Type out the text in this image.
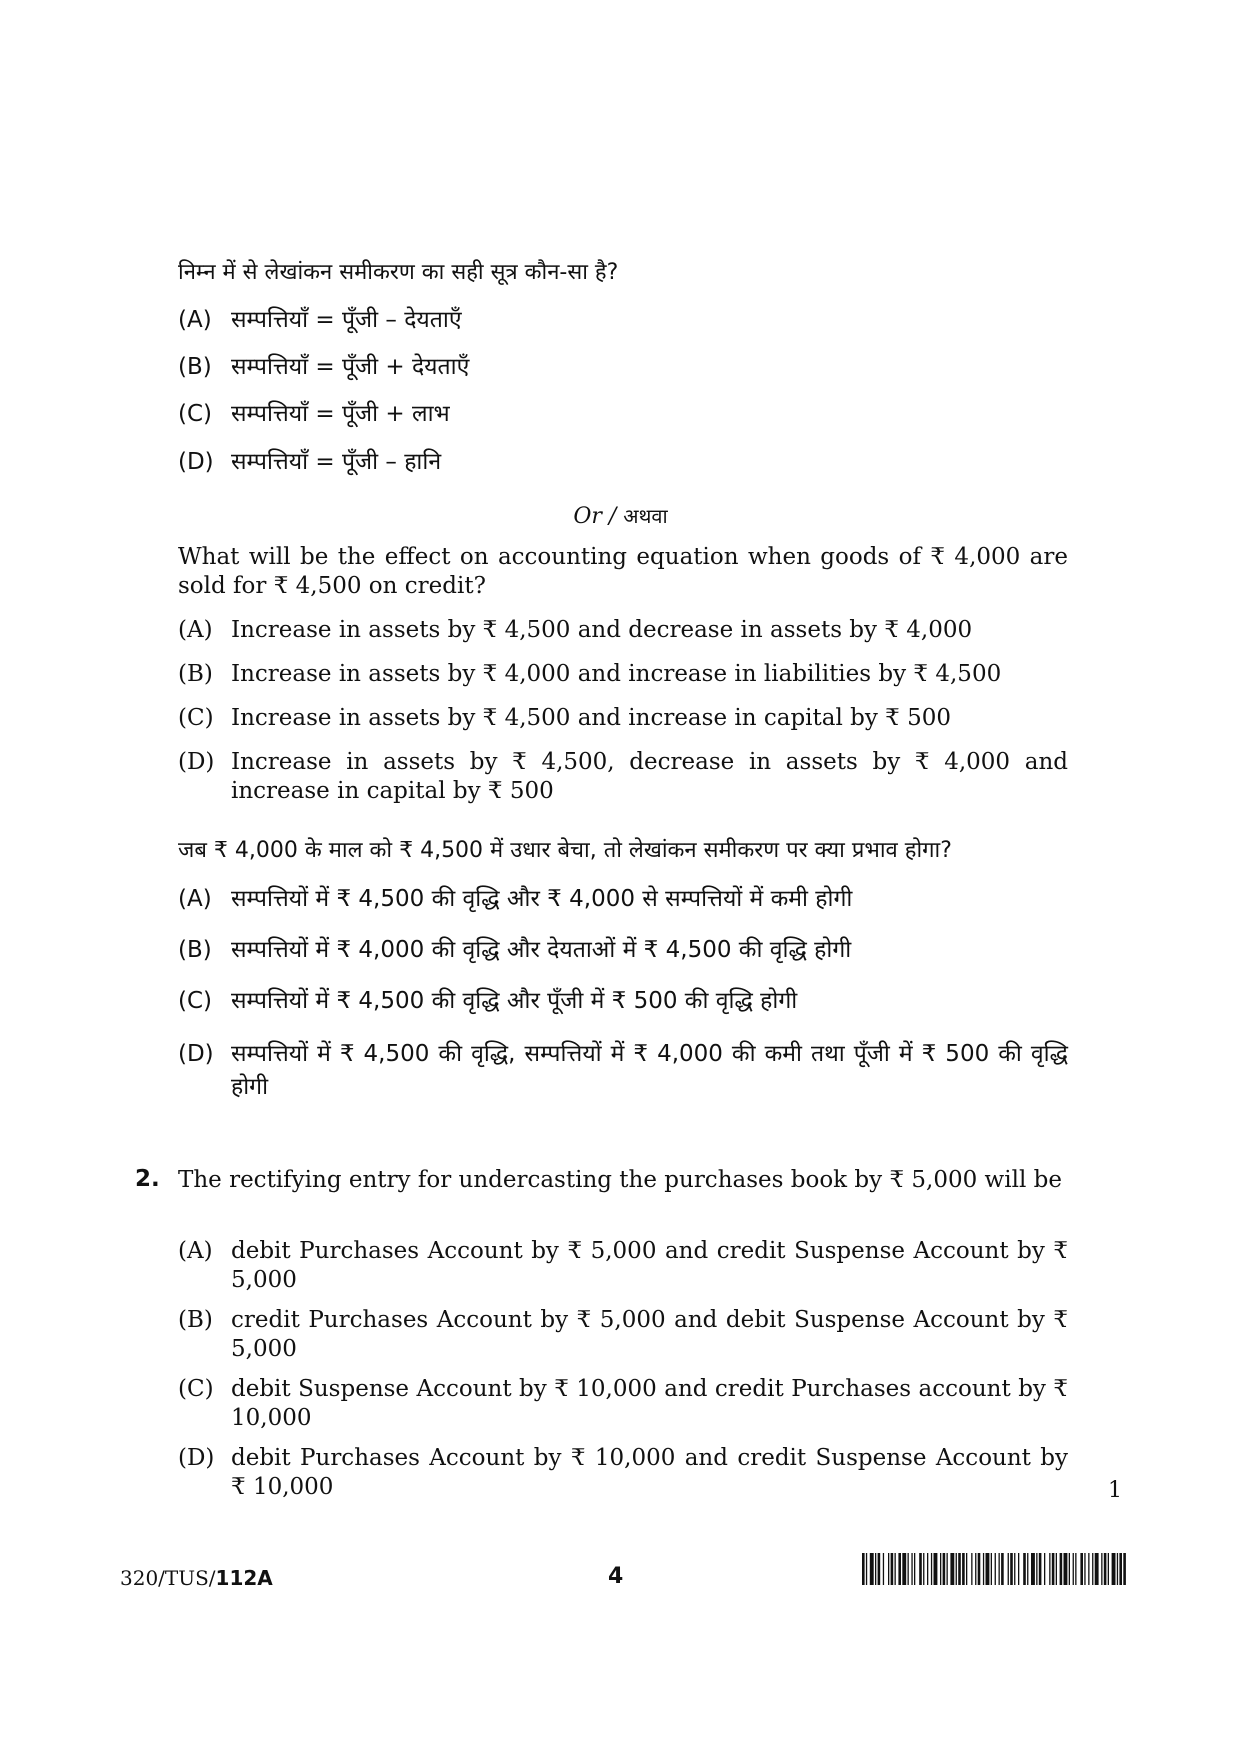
निम्न में से लेखांकन समीकरण का सही सूत्र कौन-सा है?
(A) सम्पत्तियाँ = पूँजी – देयताएँ
(B) सम्पत्तियाँ = पूँजी + देयताएँ
(C) सम्पत्तियाँ = पूँजी + लाभ
(D) सम्पत्तियाँ = पूँजी – हानि
Or / अथवा
What will be the effect on accounting equation when goods of ₹ 4,000 are sold for ₹ 4,500 on credit?
(A) Increase in assets by ₹ 4,500 and decrease in assets by ₹ 4,000
(B) Increase in assets by ₹ 4,000 and increase in liabilities by ₹ 4,500
(C) Increase in assets by ₹ 4,500 and increase in capital by ₹ 500
(D) Increase in assets by ₹ 4,500, decrease in assets by ₹ 4,000 and increase in capital by ₹ 500
जब ₹ 4,000 के माल को ₹ 4,500 में उधार बेचा, तो लेखांकन समीकरण पर क्या प्रभाव होगा?
(A) सम्पत्तियों में ₹ 4,500 की वृद्धि और ₹ 4,000 से सम्पत्तियों में कमी होगी
(B) सम्पत्तियों में ₹ 4,000 की वृद्धि और देयताओं में ₹ 4,500 की वृद्धि होगी
(C) सम्पत्तियों में ₹ 4,500 की वृद्धि और पूँजी में ₹ 500 की वृद्धि होगी
(D) सम्पत्तियों में ₹ 4,500 की वृद्धि, सम्पत्तियों में ₹ 4,000 की कमी तथा पूँजी में ₹ 500 की वृद्धि होगी
2. The rectifying entry for undercasting the purchases book by ₹ 5,000 will be
(A) debit Purchases Account by ₹ 5,000 and credit Suspense Account by ₹ 5,000
(B) credit Purchases Account by ₹ 5,000 and debit Suspense Account by ₹ 5,000
(C) debit Suspense Account by ₹ 10,000 and credit Purchases account by ₹ 10,000
(D) debit Purchases Account by ₹ 10,000 and credit Suspense Account by ₹ 10,000	1
320/TUS/112A	4
